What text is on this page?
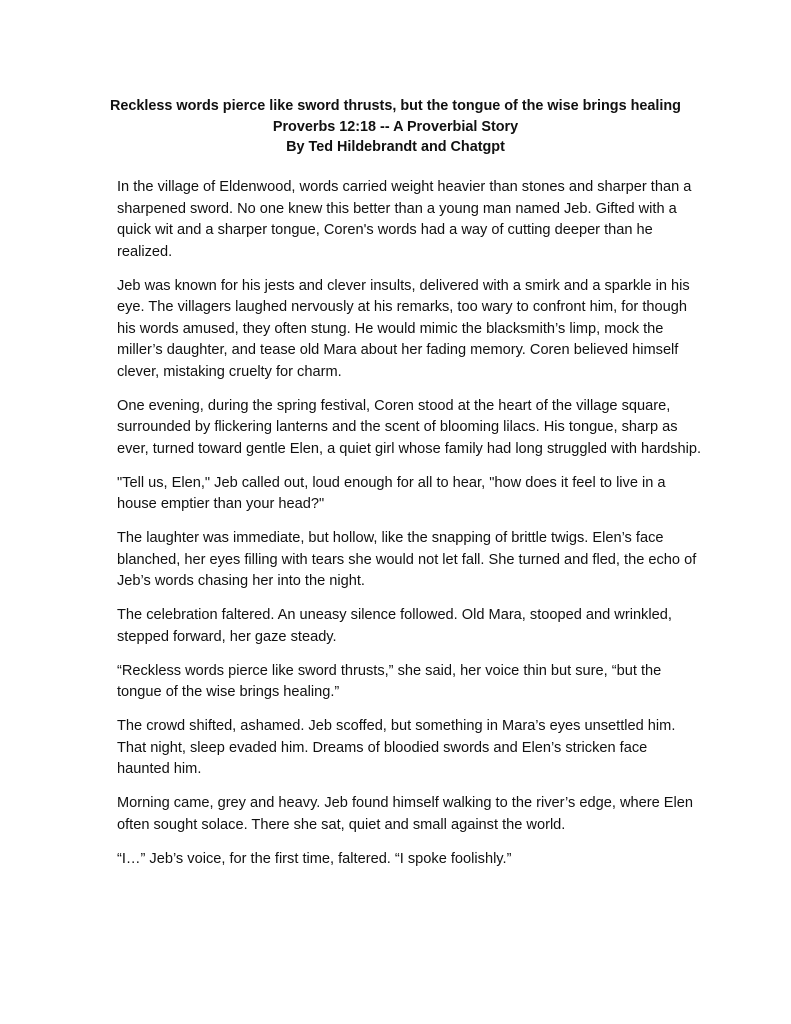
Reckless words pierce like sword thrusts, but the tongue of the wise brings healing
Proverbs 12:18 -- A Proverbial Story
By Ted Hildebrandt and Chatgpt

In the village of Eldenwood, words carried weight heavier than stones and sharper than a sharpened sword. No one knew this better than a young man named Jeb. Gifted with a quick wit and a sharper tongue, Coren's words had a way of cutting deeper than he realized.

Jeb was known for his jests and clever insults, delivered with a smirk and a sparkle in his eye. The villagers laughed nervously at his remarks, too wary to confront him, for though his words amused, they often stung. He would mimic the blacksmith’s limp, mock the miller’s daughter, and tease old Mara about her fading memory. Coren believed himself clever, mistaking cruelty for charm.

One evening, during the spring festival, Coren stood at the heart of the village square, surrounded by flickering lanterns and the scent of blooming lilacs. His tongue, sharp as ever, turned toward gentle Elen, a quiet girl whose family had long struggled with hardship.

"Tell us, Elen," Jeb called out, loud enough for all to hear, "how does it feel to live in a house emptier than your head?"

The laughter was immediate, but hollow, like the snapping of brittle twigs. Elen’s face blanched, her eyes filling with tears she would not let fall. She turned and fled, the echo of Jeb’s words chasing her into the night.

The celebration faltered. An uneasy silence followed. Old Mara, stooped and wrinkled, stepped forward, her gaze steady.

“Reckless words pierce like sword thrusts,” she said, her voice thin but sure, “but the tongue of the wise brings healing.”

The crowd shifted, ashamed. Jeb scoffed, but something in Mara’s eyes unsettled him. That night, sleep evaded him. Dreams of bloodied swords and Elen’s stricken face haunted him.

Morning came, grey and heavy. Jeb found himself walking to the river’s edge, where Elen often sought solace. There she sat, quiet and small against the world.

“I…” Jeb’s voice, for the first time, faltered. “I spoke foolishly.”
